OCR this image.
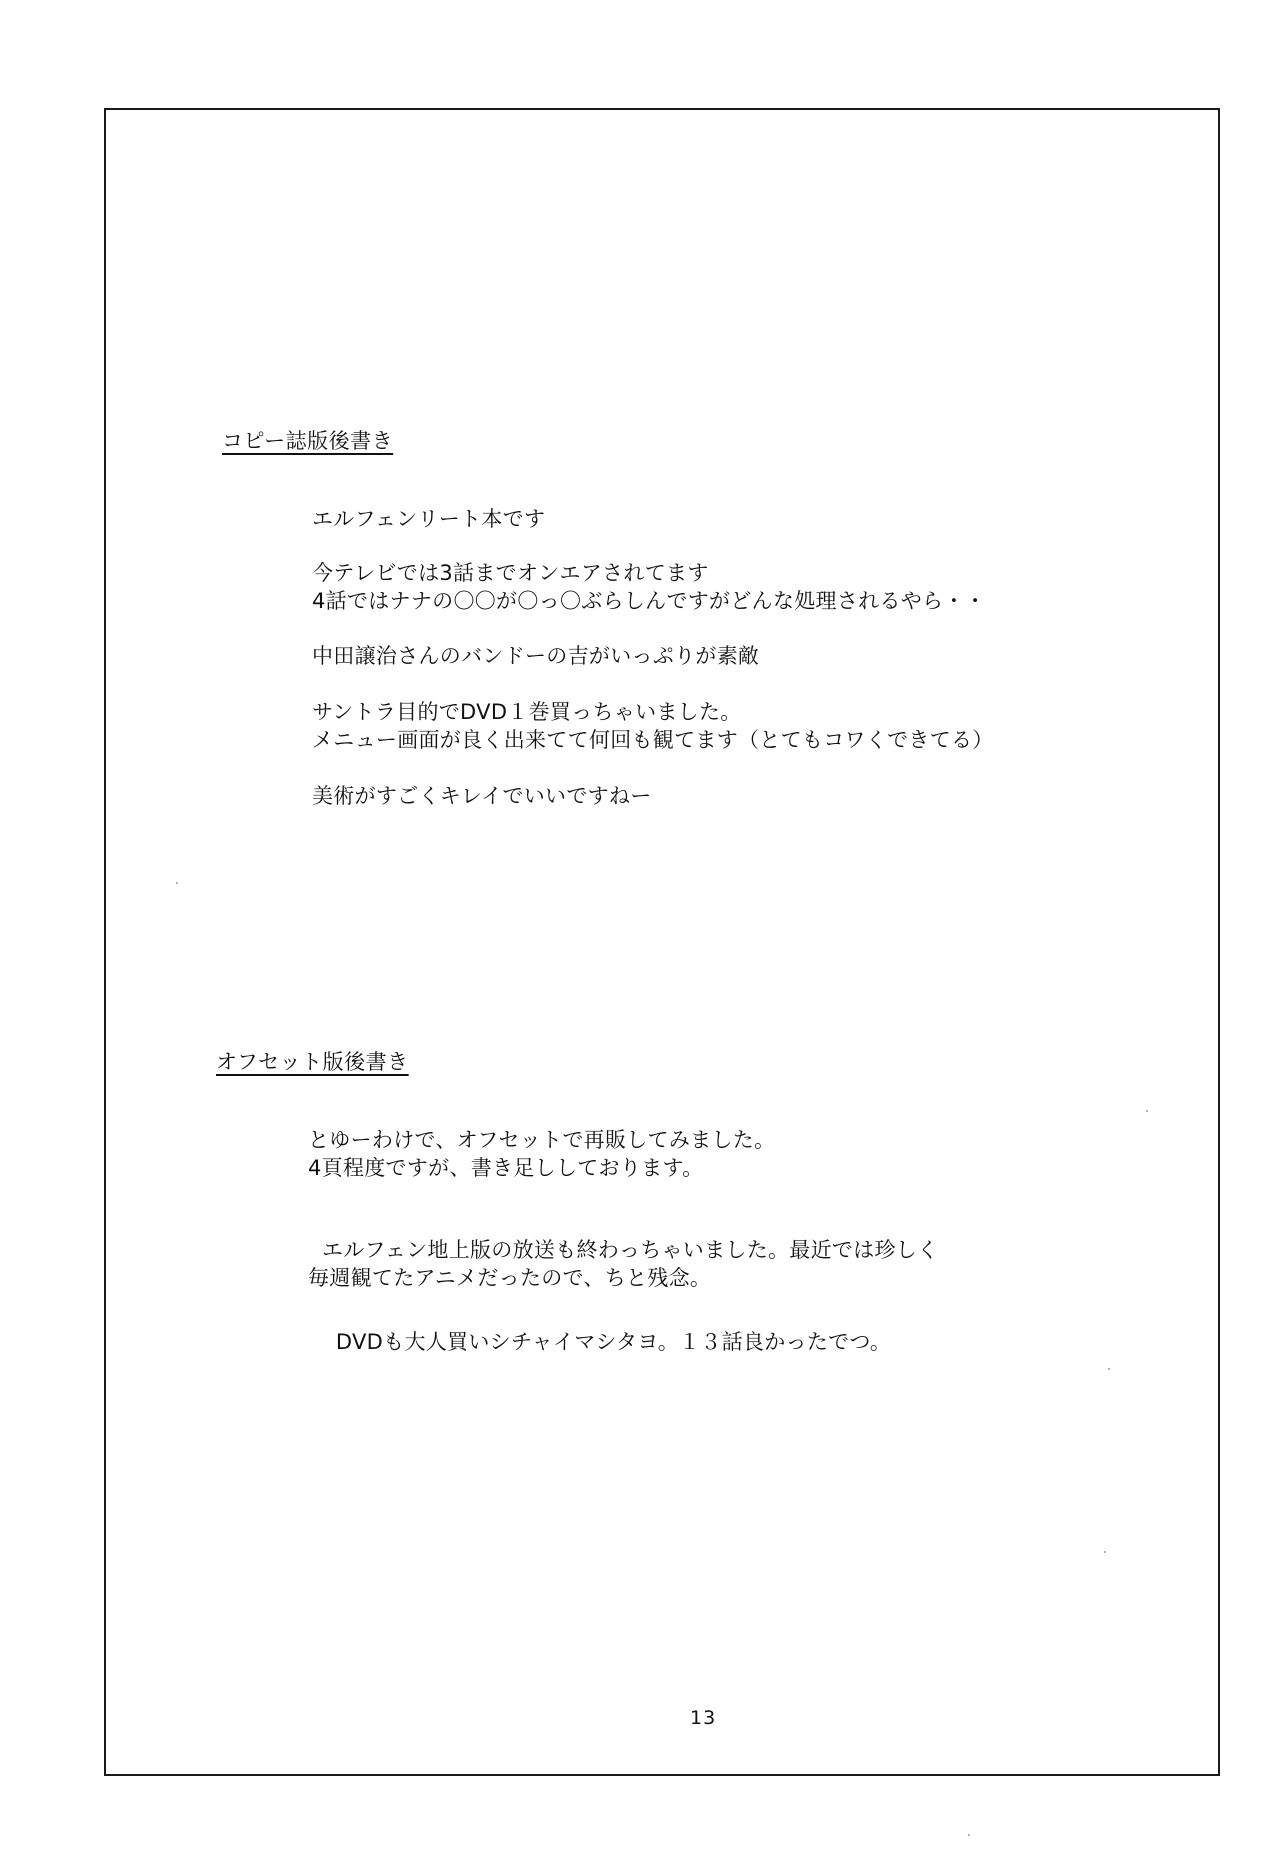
コピー誌版後書き
エルフェンリート本です
今テレビでは3話までオンエアされてます
4話ではナナの〇〇が〇っ〇ぶらしんですがどんな処理されるやら・・
中田譲治さんのバンドーの吉がいっぷりが素敵
サントラ目的でDVD１巻買っちゃいました。
メニュー画面が良く出来てて何回も観てます（とてもコワくできてる）
美術がすごくキレイでいいですねー
オフセット版後書き
とゆーわけで、オフセットで再販してみました。
4頁程度ですが、書き足ししております。
エルフェン地上版の放送も終わっちゃいました。最近では珍しく
毎週観てたアニメだったので、ちと残念。
DVDも大人買いシチャイマシタヨ。１３話良かったでつ。
13
